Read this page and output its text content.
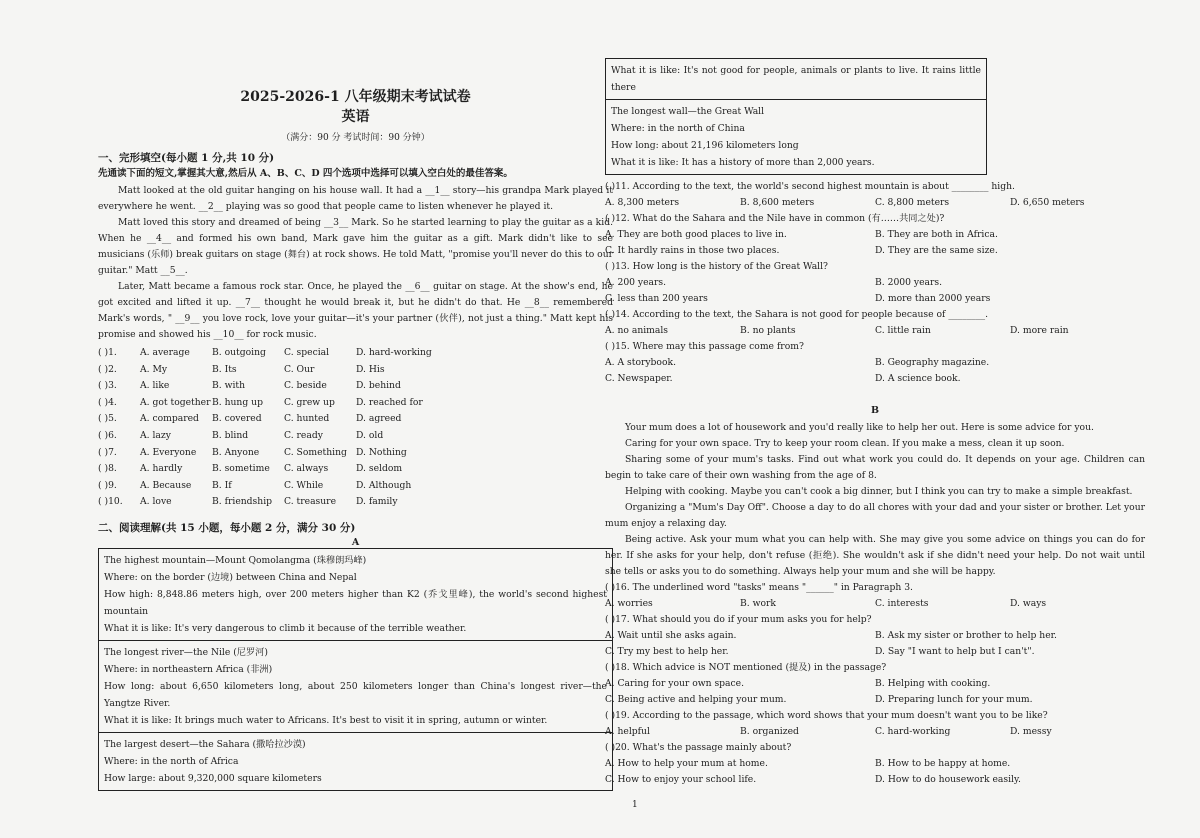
2025-2026-1 八年级期末考试试卷

英语

（满分：90 分 考试时间：90 分钟）

一、完形填空(每小题 1 分,共 10 分)

先通读下面的短文,掌握其大意,然后从 A、B、C、D 四个选项中选择可以填入空白处的最佳答案。

Matt looked at the old guitar hanging on his house wall. It had a __1__ story—his grandpa Mark played it everywhere he went. __2__ playing was so good that people came to listen whenever he played it.

Matt loved this story and dreamed of being __3__ Mark. So he started learning to play the guitar as a kid. When he __4__ and formed his own band, Mark gave him the guitar as a gift. Mark didn't like to see musicians (乐师) break guitars on stage (舞台) at rock shows. He told Matt, "promise you'll never do this to our guitar." Matt __5__.

Later, Matt became a famous rock star. Once, he played the __6__ guitar on stage. At the show's end, he got excited and lifted it up. __7__ thought he would break it, but he didn't do that. He __8__ remembered Mark's words, " __9__ you love rock, love your guitar—it's your partner (伙伴), not just a thing." Matt kept his promise and showed his __10__ for rock music.

( )1.	A. average	B. outgoing	C. special	D. hard-working
( )2.	A. My	B. Its	C. Our	D. His
( )3.	A. like	B. with	C. beside	D. behind
( )4.	A. got together B. hung up	C. grew up	D. reached for
( )5.	A. compared	B. covered	C. hunted	D. agreed
( )6.	A. lazy	B. blind	C. ready	D. old
( )7.	A. Everyone	B. Anyone	C. Something D. Nothing
( )8.	A. hardly	B. sometime	C. always	D. seldom
( )9.	A. Because	B. If	C. While	D. Although
( )10.	A. love	B. friendship	C. treasure	D. family

二、阅读理解(共 15 小题，每小题 2 分，满分 30 分)

A

The highest mountain—Mount Qomolangma (珠穆朗玛峰)

Where: on the border (边境) between China and Nepal

How high: 8,848.86 meters high, over 200 meters higher than K2 (乔戈里峰), the world's second highest mountain

What it is like: It's very dangerous to climb it because of the terrible weather.

The longest river—the Nile (尼罗河)

Where: in northeastern Africa (非洲)

How long: about 6,650 kilometers long, about 250 kilometers longer than China's longest river—the Yangtze River.

What it is like: It brings much water to Africans. It's best to visit it in spring, autumn or winter.

The largest desert—the Sahara (撒哈拉沙漠)

Where: in the north of Africa

How large: about 9,320,000 square kilometers

What it is like: It's not good for people, animals or plants to live. It rains little there

The longest wall—the Great Wall

Where: in the north of China

How long: about 21,196 kilometers long

What it is like: It has a history of more than 2,000 years.

( )11. According to the text, the world's second highest mountain is about ________ high.

A. 8,300 meters	B. 8,600 meters	C. 8,800 meters	D. 6,650 meters

( )12. What do the Sahara and the Nile have in common (有……共同之处)?

A. They are both good places to live in.	B. They are both in Africa.
C. It hardly rains in those two places.	D. They are the same size.

( )13. How long is the history of the Great Wall?

A. 200 years.	B. 2000 years.
C. less than 200 years	D. more than 2000 years

( )14. According to the text, the Sahara is not good for people because of ________.

A. no animals	B. no plants	C. little rain	D. more rain

( )15. Where may this passage come from?

A. A storybook.	B. Geography magazine.
C. Newspaper.	D. A science book.

B

Your mum does a lot of housework and you'd really like to help her out. Here is some advice for you.

Caring for your own space. Try to keep your room clean. If you make a mess, clean it up soon.

Sharing some of your mum's tasks. Find out what work you could do. It depends on your age. Children can begin to take care of their own washing from the age of 8.

Helping with cooking. Maybe you can't cook a big dinner, but I think you can try to make a simple breakfast.

Organizing a "Mum's Day Off". Choose a day to do all chores with your dad and your sister or brother. Let your mum enjoy a relaxing day.

Being active. Ask your mum what you can help with. She may give you some advice on things you can do for her. If she asks for your help, don't refuse (拒绝). She wouldn't ask if she didn't need your help. Do not wait until she tells or asks you to do something. Always help your mum and she will be happy.

( )16. The underlined word "tasks" means "______" in Paragraph 3.

A. worries	B. work	C. interests	D. ways

( )17. What should you do if your mum asks you for help?

A. Wait until she asks again.	B. Ask my sister or brother to help her.
C. Try my best to help her.	D. Say "I want to help but I can't".

( )18. Which advice is NOT mentioned (提及) in the passage?

A. Caring for your own space.	B. Helping with cooking.
C. Being active and helping your mum.	D. Preparing lunch for your mum.

( )19. According to the passage, which word shows that your mum doesn't want you to be like?

A. helpful	B. organized	C. hard-working	D. messy

( )20. What's the passage mainly about?

A. How to help your mum at home.	B. How to be happy at home.
C. How to enjoy your school life.	D. How to do housework easily.
1
